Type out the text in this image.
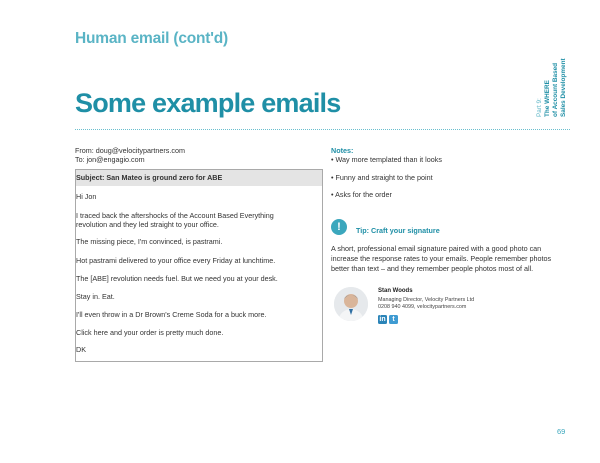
Human email (cont'd)
Some example emails	Part 9: The WHERE of Account Based Sales Development
From: doug@velocitypartners.com
To: jon@engagio.com
Subject: San Mateo is ground zero for ABE
Hi Jon
I traced back the aftershocks of the Account Based Everything
revolution and they led straight to your office.
The missing piece, I'm convinced, is pastrami.
Hot pastrami delivered to your office every Friday at lunchtime.
The [ABE] revolution needs fuel. But we need you at your desk.
Stay in. Eat.
I'll even throw in a Dr Brown's Creme Soda for a buck more.
Click here and your order is pretty much done.
DK
Notes:
• Way more templated than it looks
• Funny and straight to the point
• Asks for the order
!	Tip: Craft your signature
A short, professional email signature paired with a good photo can increase the response rates to your emails. People remember photos better than text – and they remember people photos most of all.
Stan Woods
Managing Director, Velocity Partners Ltd
0208 940 4099, velocitypartners.com
in t
69
